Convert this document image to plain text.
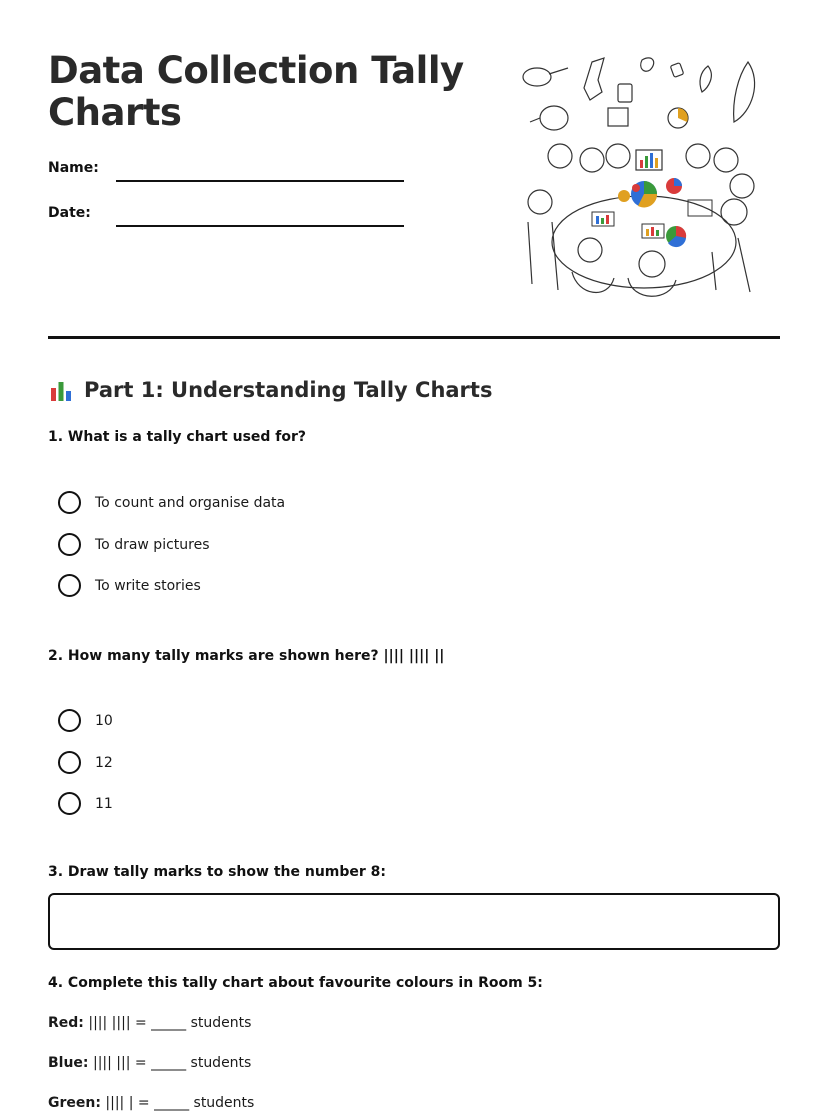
Data Collection Tally Charts
Name:
Date:
Part 1: Understanding Tally Charts
1. What is a tally chart used for?
To count and organise data
To draw pictures
To write stories
2. How many tally marks are shown here? |||| |||| ||
10
12
11
3. Draw tally marks to show the number 8:
4. Complete this tally chart about favourite colours in Room 5:
Red: |||| |||| = _____ students
Blue: |||| ||| = _____ students
Green: |||| | = _____ students
